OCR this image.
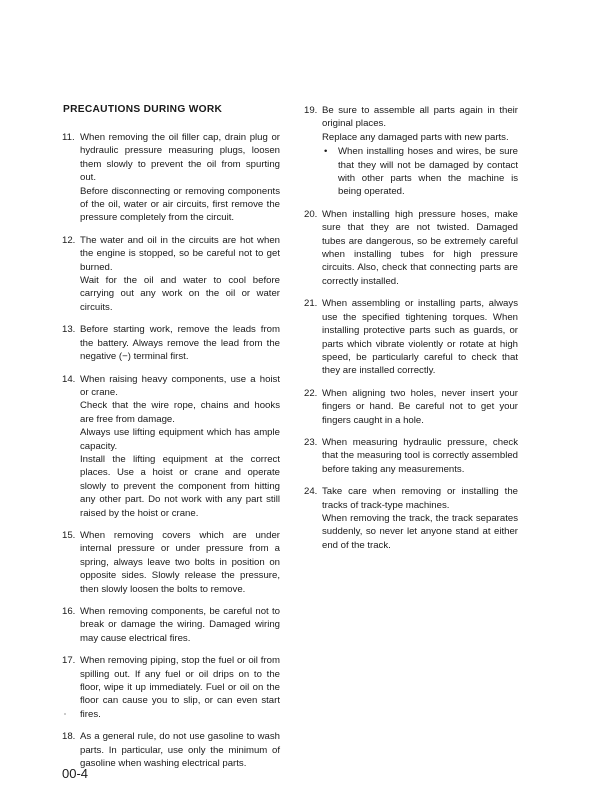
PRECAUTIONS DURING WORK
11. When removing the oil filler cap, drain plug or hydraulic pressure measuring plugs, loosen them slowly to prevent the oil from spurting out.

Before disconnecting or removing components of the oil, water or air circuits, first remove the pressure completely from the circuit.

12. The water and oil in the circuits are hot when the engine is stopped, so be careful not to get burned.

Wait for the oil and water to cool before carrying out any work on the oil or water circuits.

13. Before starting work, remove the leads from the battery. Always remove the lead from the negative (−) terminal first.

14. When raising heavy components, use a hoist or crane.

Check that the wire rope, chains and hooks are free from damage.

Always use lifting equipment which has ample capacity.

Install the lifting equipment at the correct places. Use a hoist or crane and operate slowly to prevent the component from hitting any other part. Do not work with any part still raised by the hoist or crane.

15. When removing covers which are under internal pressure or under pressure from a spring, always leave two bolts in position on opposite sides. Slowly release the pressure, then slowly loosen the bolts to remove.

16. When removing components, be careful not to break or damage the wiring. Damaged wiring may cause electrical fires.

17. When removing piping, stop the fuel or oil from spilling out. If any fuel or oil drips on to the floor, wipe it up immediately. Fuel or oil on the floor can cause you to slip, or can even start fires.

18. As a general rule, do not use gasoline to wash parts. In particular, use only the minimum of gasoline when washing electrical parts.

19. Be sure to assemble all parts again in their original places.

Replace any damaged parts with new parts.

•	When installing hoses and wires, be sure that they will not be damaged by contact with other parts when the machine is being operated.
20. When installing high pressure hoses, make sure that they are not twisted. Damaged tubes are dangerous, so be extremely careful when installing tubes for high pressure circuits. Also, check that connecting parts are correctly installed.

21. When assembling or installing parts, always use the specified tightening torques. When installing protective parts such as guards, or parts which vibrate violently or rotate at high speed, be particularly careful to check that they are installed correctly.

22. When aligning two holes, never insert your fingers or hand. Be careful not to get your fingers caught in a hole.

23. When measuring hydraulic pressure, check that the measuring tool is correctly assembled before taking any measurements.

24. Take care when removing or installing the tracks of track-type machines.

When removing the track, the track separates suddenly, so never let anyone stand at either end of the track.

00-4
